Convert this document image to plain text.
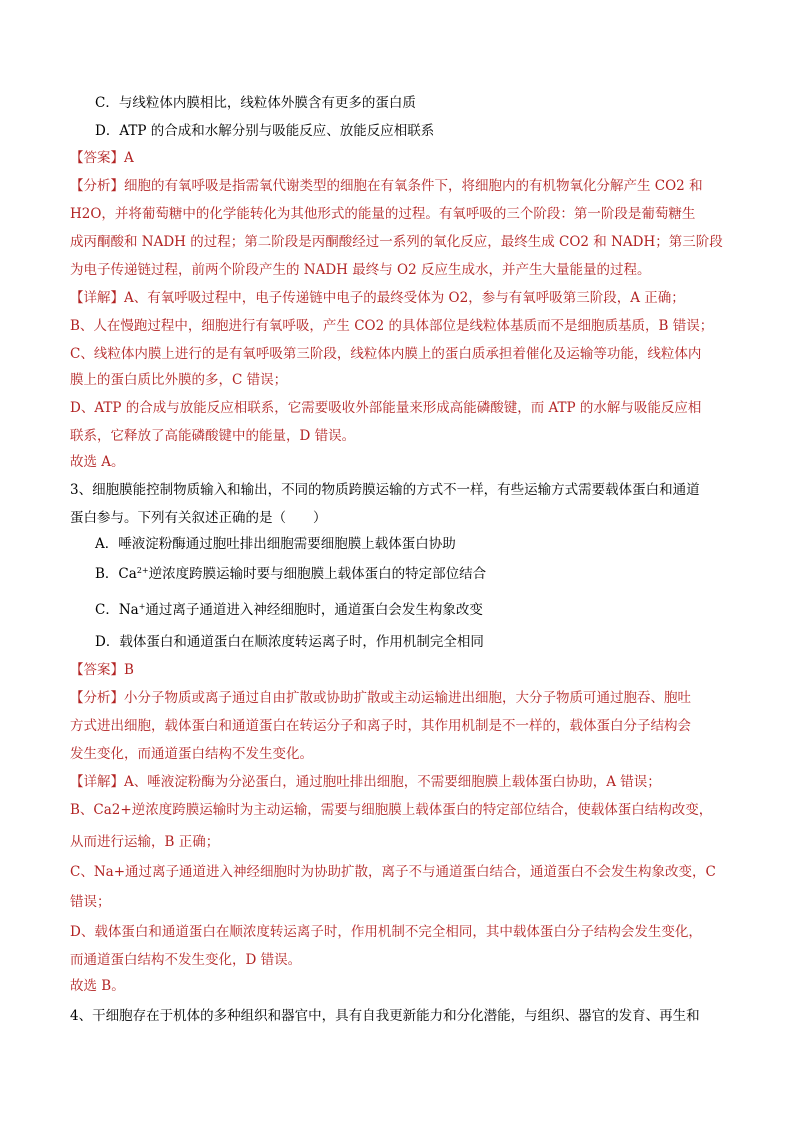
C．与线粒体内膜相比，线粒体外膜含有更多的蛋白质
D．ATP 的合成和水解分别与吸能反应、放能反应相联系
【答案】A
【分析】细胞的有氧呼吸是指需氧代谢类型的细胞在有氧条件下，将细胞内的有机物氧化分解产生 CO2 和
H2O，并将葡萄糖中的化学能转化为其他形式的能量的过程。有氧呼吸的三个阶段：第一阶段是葡萄糖生
成丙酮酸和 NADH 的过程；第二阶段是丙酮酸经过一系列的氧化反应，最终生成 CO2 和 NADH；第三阶段
为电子传递链过程，前两个阶段产生的 NADH 最终与 O2 反应生成水，并产生大量能量的过程。
【详解】A、有氧呼吸过程中，电子传递链中电子的最终受体为 O2，参与有氧呼吸第三阶段，A 正确；
B、人在慢跑过程中，细胞进行有氧呼吸，产生 CO2 的具体部位是线粒体基质而不是细胞质基质，B 错误；
C、线粒体内膜上进行的是有氧呼吸第三阶段，线粒体内膜上的蛋白质承担着催化及运输等功能，线粒体内
膜上的蛋白质比外膜的多，C 错误；
D、ATP 的合成与放能反应相联系，它需要吸收外部能量来形成高能磷酸键，而 ATP 的水解与吸能反应相
联系，它释放了高能磷酸键中的能量，D 错误。
故选 A。
3、细胞膜能控制物质输入和输出，不同的物质跨膜运输的方式不一样，有些运输方式需要载体蛋白和通道
蛋白参与。下列有关叙述正确的是（　　）
A．唾液淀粉酶通过胞吐排出细胞需要细胞膜上载体蛋白协助
B．$Ca^{2+}$逆浓度跨膜运输时要与细胞膜上载体蛋白的特定部位结合
C．Na+通过离子通道进入神经细胞时，通道蛋白会发生构象改变
D．载体蛋白和通道蛋白在顺浓度转运离子时，作用机制完全相同
【答案】B
【分析】小分子物质或离子通过自由扩散或协助扩散或主动运输进出细胞，大分子物质可通过胞吞、胞吐
方式进出细胞，载体蛋白和通道蛋白在转运分子和离子时，其作用机制是不一样的，载体蛋白分子结构会
发生变化，而通道蛋白结构不发生变化。
【详解】A、唾液淀粉酶为分泌蛋白，通过胞吐排出细胞，不需要细胞膜上载体蛋白协助，A 错误；
B、Ca2+逆浓度跨膜运输时为主动运输，需要与细胞膜上载体蛋白的特定部位结合，使载体蛋白结构改变，
从而进行运输，B 正确；
C、Na+通过离子通道进入神经细胞时为协助扩散，离子不与通道蛋白结合，通道蛋白不会发生构象改变，C
错误；
D、载体蛋白和通道蛋白在顺浓度转运离子时，作用机制不完全相同，其中载体蛋白分子结构会发生变化，
而通道蛋白结构不发生变化，D 错误。
故选 B。
4、干细胞存在于机体的多种组织和器官中，具有自我更新能力和分化潜能，与组织、器官的发育、再生和
